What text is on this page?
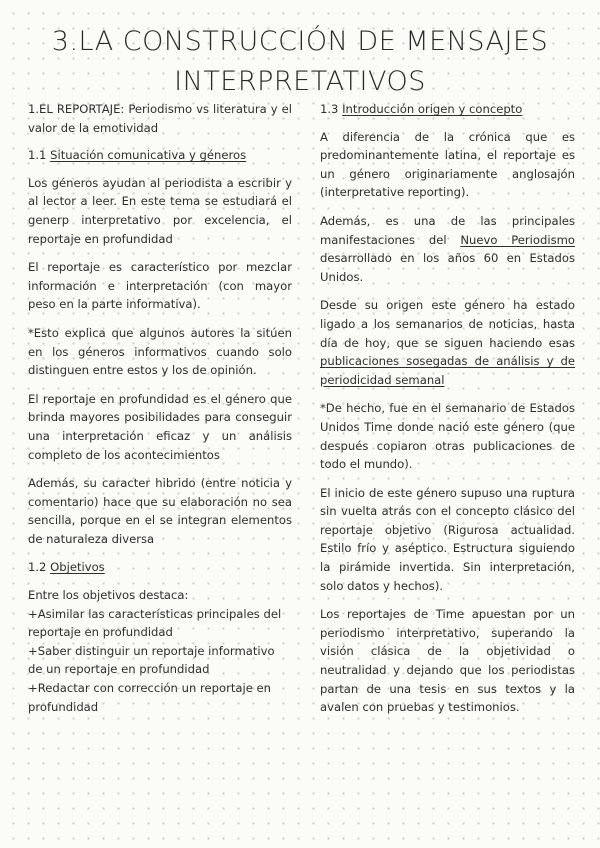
3.LA CONSTRUCCIÓN DE MENSAJES
INTERPRETATIVOS

1.EL REPORTAJE: Periodismo vs literatura y el valor de la emotividad

1.1 Situación comunicativa y géneros

Los géneros ayudan al periodista a escribir y al lector a leer. En este tema se estudiará el generp interpretativo por excelencia, el reportaje en profundidad

El reportaje es característico por mezclar información e interpretación (con mayor peso en la parte informativa).

*Esto explica que algunos autores la sitúen en los géneros informativos cuando solo distinguen entre estos y los de opinión.

El reportaje en profundidad es el género que brinda mayores posibilidades para conseguir una interpretación eficaz y un análisis completo de los acontecimientos

Además, su caracter hibrido (entre noticia y comentario) hace que su elaboración no sea sencilla, porque en el se integran elementos de naturaleza diversa

1.2 Objetivos

Entre los objetivos destaca:
+Asimilar las características principales del reportaje en profundidad
+Saber distinguir un reportaje informativo de un reportaje en profundidad
+Redactar con corrección un reportaje en profundidad

1.3 Introducción origen y concepto

A diferencia de la crónica que es predominantemente latina, el reportaje es un género originariamente anglosajón (interpretative reporting).

Además, es una de las principales manifestaciones del Nuevo Periodismo desarrollado en los años 60 en Estados Unidos.

Desde su origen este género ha estado ligado a los semanarios de noticias, hasta día de hoy, que se siguen haciendo esas publicaciones sosegadas de análisis y de periodicidad semanal

*De hecho, fue en el semanario de Estados Unidos Time donde nació este género (que después copiaron otras publicaciones de todo el mundo).

El inicio de este género supuso una ruptura sin vuelta atrás con el concepto clásico del reportaje objetivo (Rigurosa actualidad. Estilo frío y aséptico. Estructura siguiendo la pirámide invertida. Sin interpretación, solo datos y hechos).

Los reportajes de Time apuestan por un periodismo interpretativo, superando la visión clásica de la objetividad o neutralidad y dejando que los periodistas partan de una tesis en sus textos y la avalen con pruebas y testimonios.
